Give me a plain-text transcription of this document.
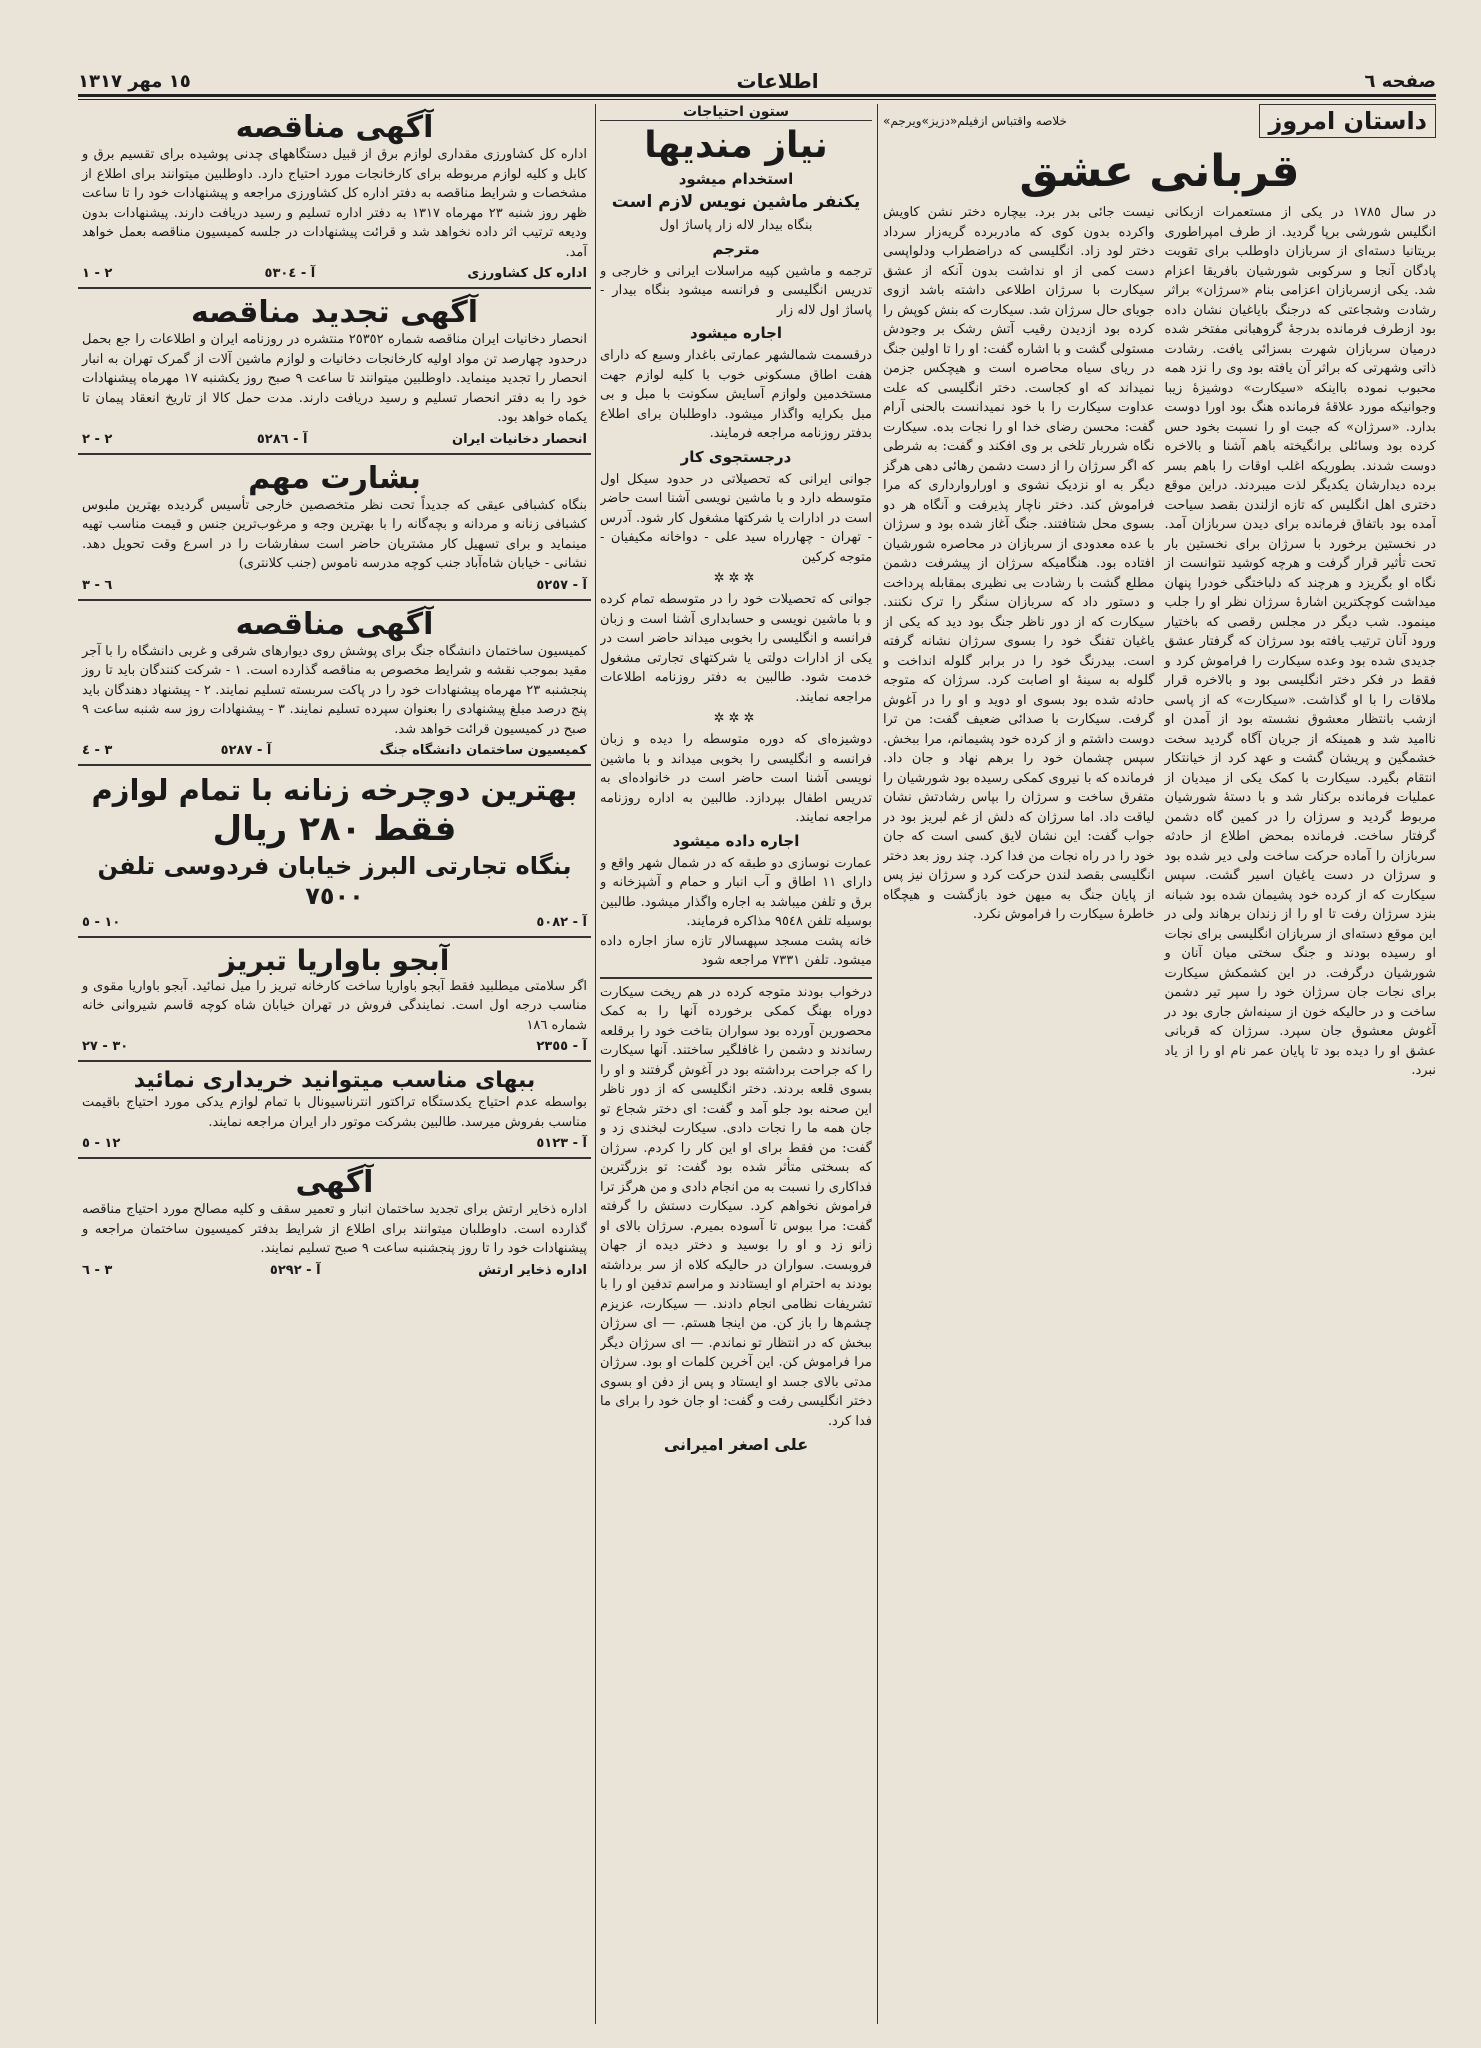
صفحه ٦
اطلاعات
١٥ مهر ١٣١٧
داستان امروز
خلاصه واقتباس ازفیلم«دزیز»ویرجم»
قربانی عشق

در سال ١٧٨٥ در یکی از مستعمرات ازبکانی انگلیس شورشی برپا گردید. از طرف امپراطوری بریتانیا دسته‌ای از سربازان داوطلب برای تقویت پادگان آنجا و سرکوبی شورشیان بافریقا اعزام شد. یکی ازسربازان اعزامی بنام «سرژان» براثر رشادت وشجاعتی که درجنگ بایاغیان نشان داده بود ازطرف فرمانده بدرجهٔ گروهبانی مفتخر شده درمیان سربازان شهرت بسزائی یافت. رشادت ذاتی وشهرتی که براثر آن یافته بود وی را نزد همه محبوب نموده بااینکه «سیکارت» دوشیزهٔ زیبا وجوانیکه مورد علاقهٔ فرمانده هنگ بود اورا دوست بدارد. «سرژان» که جبت او را نسبت بخود حس کرده بود وسائلی برانگیخته باهم آشنا و بالاخره دوست شدند. بطوریکه اغلب اوقات را باهم بسر برده دیدارشان یکدیگر لذت میبردند. دراین موقع دختری اهل انگلیس که تازه ازلندن بقصد سیاحت آمده بود باتفاق فرمانده برای دیدن سربازان آمد. در نخستین برخورد با سرژان برای نخستین بار تحت تأثیر قرار گرفت و هرچه کوشید نتوانست از نگاه او بگریزد و هرچند که دلباختگی خودرا پنهان میداشت کوچکترین اشارهٔ سرژان نظر او را جلب مینمود. شب دیگر در مجلس رقصی که باختیار ورود آنان ترتیب یافته بود سرژان که گرفتار عشق جدیدی شده بود وعده سیکارت را فراموش کرد و فقط در فکر دختر انگلیسی بود و بالاخره قرار ملاقات را با او گذاشت. «سیکارت» که از پاسی ازشب بانتظار معشوق نشسته بود از آمدن او ناامید شد و همینکه از جریان آگاه گردید سخت خشمگین و پریشان گشت و عهد کرد از خیانتکار انتقام بگیرد. سیکارت با کمک یکی از میدیان از عملیات فرمانده برکنار شد و با دستهٔ شورشیان مربوط گردید و سرژان را در کمین گاه دشمن گرفتار ساخت. فرمانده بمحض اطلاع از حادثه سربازان را آماده حرکت ساخت ولی دیر شده بود و سرژان در دست یاغیان اسیر گشت. سپس سیکارت که از کرده خود پشیمان شده بود شبانه بنزد سرژان رفت تا او را از زندان برهاند ولی در این موقع دسته‌ای از سربازان انگلیسی برای نجات او رسیده بودند و جنگ سختی میان آنان و شورشیان درگرفت. در این کشمکش سیکارت برای نجات جان سرژان خود را سپر تیر دشمن ساخت و در حالیکه خون از سینه‌اش جاری بود در آغوش معشوق جان سپرد. سرژان که قربانی عشق او را دیده بود تا پایان عمر نام او را از یاد نبرد.

نیست جائی بدر برد. بیچاره دختر نشن کاویش واکرده بدون کوی که مادربرده گریه‌زار سرداد دختر لود زاد. انگلیسی که دراضطراب ودلواپسی دست کمی از او نداشت بدون آنکه از عشق سیکارت با سرژان اطلاعی داشته باشد ازوی جویای حال سرژان شد. سیکارت که بنش کوپش را کرده بود ازدیدن رقیب آتش رشک بر وجودش مستولی گشت و با اشاره گفت: او را تا اولین جنگ در ریای سیاه محاصره است و هیچکس جزمن نمیداند که او کجاست. دختر انگلیسی که علت عداوت سیکارت را با خود نمیدانست بالحنی آرام گفت: محسن رضای خدا او را نجات بده. سیکارت نگاه شرربار تلخی بر وی افکند و گفت: به شرطی که اگر سرژان را از دست دشمن رهائی دهی هرگز دیگر به او نزدیک نشوی و اوراروارداری که مرا فراموش کند. دختر ناچار پذیرفت و آنگاه هر دو بسوی محل شتافتند. جنگ آغاز شده بود و سرژان با عده معدودی از سربازان در محاصره شورشیان افتاده بود. هنگامیکه سرژان از پیشرفت دشمن مطلع گشت با رشادت بی نظیری بمقابله پرداخت و دستور داد که سربازان سنگر را ترک نکنند. سیکارت که از دور ناظر جنگ بود دید که یکی از یاغیان تفنگ خود را بسوی سرژان نشانه گرفته است. بیدرنگ خود را در برابر گلوله انداخت و گلوله به سینهٔ او اصابت کرد. سرژان که متوجه حادثه شده بود بسوی او دوید و او را در آغوش گرفت. سیکارت با صدائی ضعیف گفت: من ترا دوست داشتم و از کرده خود پشیمانم، مرا ببخش. سپس چشمان خود را برهم نهاد و جان داد. فرمانده که با نیروی کمکی رسیده بود شورشیان را متفرق ساخت و سرژان را بپاس رشادتش نشان لیاقت داد. اما سرژان که دلش از غم لبریز بود در جواب گفت: این نشان لایق کسی است که جان خود را در راه نجات من فدا کرد. چند روز بعد دختر انگلیسی بقصد لندن حرکت کرد و سرژان نیز پس از پایان جنگ به میهن خود بازگشت و هیچگاه خاطرهٔ سیکارت را فراموش نکرد.

ستون احتیاجات
نیاز مندیها
استخدام میشود
یکنفر ماشین نویس لازم است

بنگاه بیدار لاله زار پاساژ اول

مترجم

ترجمه و ماشین کپیه مراسلات ایرانی و خارجی و تدریس انگلیسی و فرانسه میشود بنگاه بیدار - پاساژ اول لاله زار

اجاره میشود

درقسمت شمالشهر عمارتی باغدار وسیع که دارای هفت اطاق مسکونی خوب با کلیه لوازم جهت مستخدمین ولوازم‌ آسایش سکونت با مبل و بی مبل بکرایه واگذار میشود. داوطلبان برای اطلاع بدفتر روزنامه مراجعه فرمایند.

درجستجوی کار

جوانی ایرانی که تحصیلاتی در حدود سیکل اول متوسطه دارد و با ماشین نویسی آشنا است حاضر است در ادارات یا شرکتها مشغول کار شود. آدرس - تهران - چهارراه سید علی - دواخانه مکیفیان - متوجه کرکین

✲✲✲

جوانی که تحصیلات خود را در متوسطه تمام کرده و با ماشین نویسی و حسابداری آشنا است و زبان فرانسه و انگلیسی را بخوبی میداند حاضر است در یکی از ادارات دولتی یا شرکتهای تجارتی مشغول خدمت شود. طالبین به دفتر روزنامه اطلاعات مراجعه نمایند.

✲✲✲

دوشیزه‌ای که دوره متوسطه را دیده و زبان فرانسه و انگلیسی را بخوبی میداند و با ماشین نویسی آشنا است حاضر است در خانواده‌ای به تدریس اطفال بپردازد. طالبین به اداره روزنامه مراجعه نمایند.

اجاره داده میشود

عمارت نوسازی دو طبقه که در شمال شهر واقع و دارای ١١ اطاق و آب انبار و حمام و آشپزخانه و برق و تلفن میباشد به اجاره واگذار میشود. طالبین بوسیله تلفن ٩٥٤٨ مذاکره فرمایند.

خانه پشت مسجد سپهسالار تازه ساز اجاره داده میشود. تلفن ٧٣٣١ مراجعه شود

درخواب بودند متوجه کرده در هم ریخت سیکارت دوراه بهنگ کمکی برخورده آنها را به کمک محصورین آورده بود سواران بتاخت خود را برقلعه رساندند و دشمن را غافلگیر ساختند. آنها سیکارت را که جراحت برداشته بود در آغوش گرفتند و او را بسوی قلعه بردند. دختر انگلیسی که از دور ناظر این صحنه بود جلو آمد و گفت: ای دختر شجاع تو جان همه ما را نجات دادی. سیکارت لبخندی زد و گفت: من فقط برای او این کار را کردم. سرژان که بسختی متأثر شده بود گفت: تو بزرگترین فداکاری را نسبت به من انجام دادی و من هرگز ترا فراموش نخواهم کرد. سیکارت دستش را گرفته گفت: مرا ببوس تا آسوده بمیرم. سرژان بالای او زانو زد و او را بوسید و دختر دیده از جهان فروبست. سواران در حالیکه کلاه از سر برداشته بودند به احترام او ایستادند و مراسم تدفین او را با تشریفات نظامی انجام دادند. — سیکارت، عزیزم چشم‌ها را باز کن. من اینجا هستم. — ای سرژان ببخش که در انتظار تو نماندم. — ای سرژان دیگر مرا فراموش کن. این آخرین کلمات او بود. سرژان مدتی بالای جسد او ایستاد و پس از دفن او بسوی دختر انگلیسی رفت و گفت: او جان خود را برای ما فدا کرد.

علی اصغر امیرانی
آگهی مناقصه

اداره کل کشاورزی مقداری لوازم برق از قبیل دستگاههای چدنی پوشیده برای تقسیم برق و کابل و کلیه لوازم مربوطه برای کارخانجات مورد احتیاج دارد. داوطلبین میتوانند برای اطلاع از مشخصات و شرایط مناقصه به دفتر اداره کل کشاورزی مراجعه و پیشنهادات خود را تا ساعت ظهر روز شنبه ٢٣ مهرماه ١٣١٧ به دفتر اداره تسلیم و رسید دریافت دارند. پیشنهادات بدون ودیعه ترتیب اثر داده نخواهد شد و قرائت پیشنهادات در جلسه کمیسیون مناقصه بعمل خواهد آمد.

اداره کل کشاورزی
آ - ٥٣٠٤
٢ - ١
آگهی تجدید مناقصه

انحصار دخانیات ایران مناقصه شماره ٢٥٣٥٢ منتشره در روزنامه ایران و اطلاعات را جع بحمل درحدود چهارصد تن مواد اولیه کارخانجات دخانیات و لوازم ماشین آلات از گمرک تهران به انبار انحصار را تجدید مینماید. داوطلبین میتوانند تا ساعت ٩ صبح روز یکشنبه ١٧ مهرماه پیشنهادات خود را به دفتر انحصار تسلیم و رسید دریافت دارند. مدت حمل کالا از تاریخ انعقاد پیمان تا یکماه خواهد بود.

انحصار دخانیات ایران
آ - ٥٢٨٦
٢ - ٢
بشارت مهم

بنگاه کشبافی عیقی که جدیداً تحت نظر متخصصین خارجی تأسیس گردیده بهترین ملبوس کشبافی زنانه و مردانه و بچه‌گانه را با بهترین وجه و مرغوب‌ترین جنس و قیمت مناسب تهیه مینماید و برای تسهیل کار مشتریان حاضر است سفارشات را در اسرع وقت تحویل دهد. نشانی - خیابان شاه‌آباد جنب کوچه مدرسه ناموس (جنب کلانتری)

آ - ٥٢٥٧
٦ - ٣
آگهی مناقصه

کمیسیون ساختمان دانشگاه جنگ برای پوشش روی دیوارهای شرقی و غربی دانشگاه را با آجر مقید بموجب نقشه و شرایط مخصوص به مناقصه گذارده است. ١ - شرکت کنندگان باید تا روز پنجشنبه ٢٣ مهرماه پیشنهادات خود را در پاکت سربسته تسلیم نمایند. ٢ - پیشنهاد دهندگان باید پنج درصد مبلغ پیشنهادی را بعنوان سپرده تسلیم نمایند. ٣ - پیشنهادات روز سه شنبه ساعت ٩ صبح در کمیسیون قرائت خواهد شد.

کمیسیون ساختمان دانشگاه جنگ
آ - ٥٢٨٧
٣ - ٤
بهترین دوچرخه زنانه با تمام لوازم
فقط ٢٨٠ ریال
بنگاه تجارتی البرز خیابان فردوسی تلفن ٧٥٠٠
آ - ٥٠٨٢
١٠ - ٥
آبجو باواریا تبریز

اگر سلامتی میطلبید فقط آبجو باواریا ساخت کارخانه تبریز را میل نمائید. آبجو باواریا مقوی و مناسب درجه اول است. نمایندگی فروش در تهران خیابان شاه کوچه قاسم شیروانی خانه شماره ١٨٦

آ - ٢٣٥٥
٣٠ - ٢٧
ببهای مناسب میتوانید خریداری نمائید

بواسطه عدم احتیاج یکدستگاه تراکتور انترناسیونال با تمام لوازم یدکی مورد احتیاج باقیمت مناسب بفروش میرسد. طالبین بشرکت موتور دار ایران مراجعه نمایند.

آ - ٥١٢٣
١٢ - ٥
آگهی

اداره ذخایر ارتش برای تجدید ساختمان انبار و تعمیر سقف و کلیه مصالح مورد احتیاج مناقصه گذارده است. داوطلبان میتوانند برای اطلاع از شرایط بدفتر کمیسیون ساختمان مراجعه و پیشنهادات خود را تا روز پنجشنبه ساعت ٩ صبح تسلیم نمایند.

اداره ذخایر ارتش
آ - ٥٢٩٢
٣ - ٦
